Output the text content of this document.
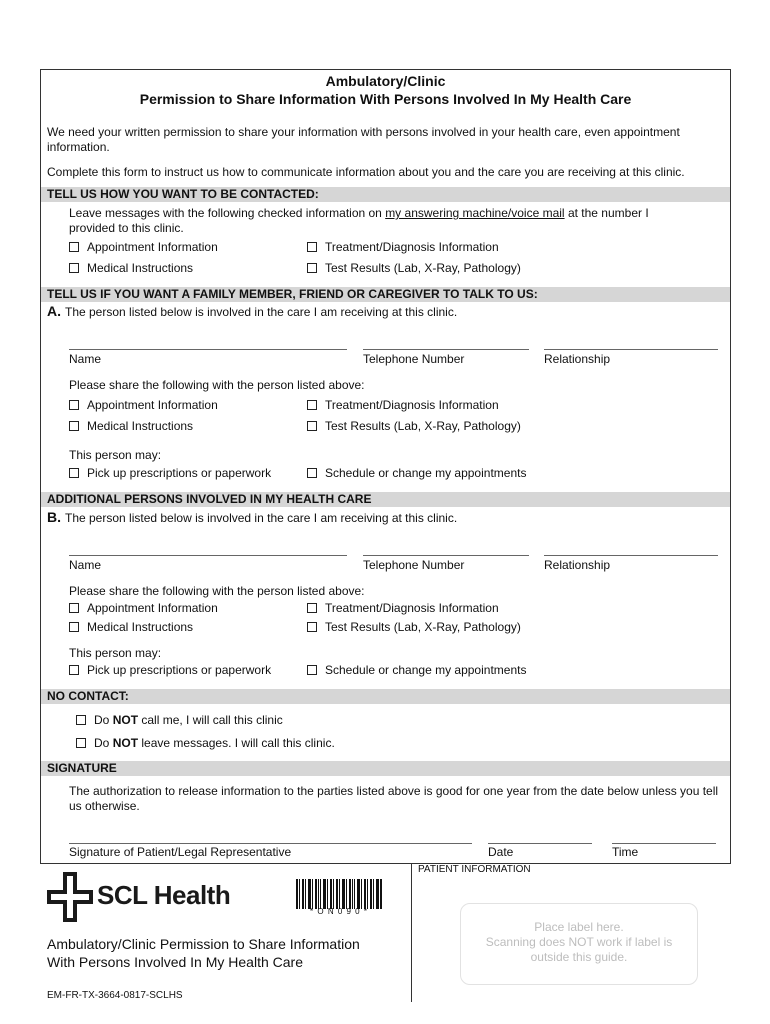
Ambulatory/Clinic
Permission to Share Information With Persons Involved In My Health Care
We need your written permission to share your information with persons involved in your health care, even appointment information.
Complete this form to instruct us how to communicate information about you and the care you are receiving at this clinic.
TELL US HOW YOU WANT TO BE CONTACTED:
Leave messages with the following checked information on my answering machine/voice mail at the number I
provided to this clinic.
Appointment Information	Treatment/Diagnosis Information
Medical Instructions	Test Results (Lab, X-Ray, Pathology)
TELL US IF YOU WANT A FAMILY MEMBER, FRIEND OR CAREGIVER TO TALK TO US:
A. The person listed below is involved in the care I am receiving at this clinic.
Name	Telephone Number	Relationship
Please share the following with the person listed above:
Appointment Information	Treatment/Diagnosis Information
Medical Instructions	Test Results (Lab, X-Ray, Pathology)
This person may:
Pick up prescriptions or paperwork	Schedule or change my appointments
ADDITIONAL PERSONS INVOLVED IN MY HEALTH CARE
B. The person listed below is involved in the care I am receiving at this clinic.
Name	Telephone Number	Relationship
Please share the following with the person listed above:
Appointment Information	Treatment/Diagnosis Information
Medical Instructions	Test Results (Lab, X-Ray, Pathology)
This person may:
Pick up prescriptions or paperwork	Schedule or change my appointments
NO CONTACT:
Do NOT call me, I will call this clinic
Do NOT leave messages. I will call this clinic.
SIGNATURE
The authorization to release information to the parties listed above is good for one year from the date below unless you tell us otherwise.
Signature of Patient/Legal Representative	Date	Time
PATIENT INFORMATION
SCL Health
* O N 0 9 0 *
Place label here.
Scanning does NOT work if label is
outside this guide.
Ambulatory/Clinic Permission to Share Information
With Persons Involved In My Health Care
EM-FR-TX-3664-0817-SCLHS
